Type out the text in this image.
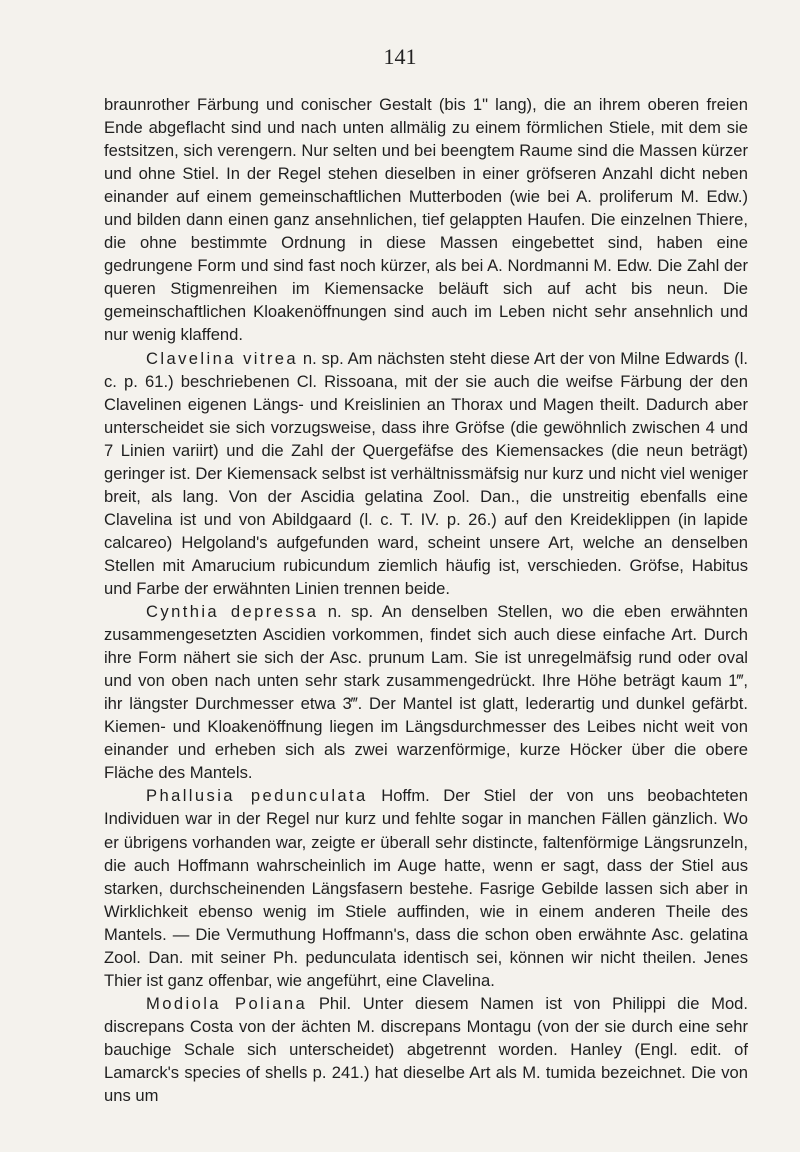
141

braunrother Färbung und conischer Gestalt (bis 1" lang), die an ihrem oberen freien Ende abgeflacht sind und nach unten allmälig zu einem förmlichen Stiele, mit dem sie festsitzen, sich verengern. Nur selten und bei beengtem Raume sind die Massen kürzer und ohne Stiel. In der Regel stehen dieselben in einer gröfseren Anzahl dicht neben einander auf einem gemeinschaftlichen Mutterboden (wie bei A. proliferum M. Edw.) und bilden dann einen ganz ansehnlichen, tief gelappten Haufen. Die einzelnen Thiere, die ohne bestimmte Ordnung in diese Massen eingebettet sind, haben eine gedrungene Form und sind fast noch kürzer, als bei A. Nordmanni M. Edw. Die Zahl der queren Stigmenreihen im Kiemensacke beläuft sich auf acht bis neun. Die gemeinschaftlichen Kloakenöffnungen sind auch im Leben nicht sehr ansehnlich und nur wenig klaffend.

Clavelina vitrea n. sp. Am nächsten steht diese Art der von Milne Edwards (l. c. p. 61.) beschriebenen Cl. Rissoana, mit der sie auch die weifse Färbung der den Clavelinen eigenen Längs- und Kreislinien an Thorax und Magen theilt. Dadurch aber unterscheidet sie sich vorzugsweise, dass ihre Gröfse (die gewöhnlich zwischen 4 und 7 Linien variirt) und die Zahl der Quergefäfse des Kiemensackes (die neun beträgt) geringer ist. Der Kiemensack selbst ist verhältnissmäfsig nur kurz und nicht viel weniger breit, als lang. Von der Ascidia gelatina Zool. Dan., die unstreitig ebenfalls eine Clavelina ist und von Abildgaard (l. c. T. IV. p. 26.) auf den Kreideklippen (in lapide calcareo) Helgoland's aufgefunden ward, scheint unsere Art, welche an denselben Stellen mit Amarucium rubicundum ziemlich häufig ist, verschieden. Gröfse, Habitus und Farbe der erwähnten Linien trennen beide.

Cynthia depressa n. sp. An denselben Stellen, wo die eben erwähnten zusammengesetzten Ascidien vorkommen, findet sich auch diese einfache Art. Durch ihre Form nähert sie sich der Asc. prunum Lam. Sie ist unregelmäfsig rund oder oval und von oben nach unten sehr stark zusammengedrückt. Ihre Höhe beträgt kaum 1‴, ihr längster Durchmesser etwa 3‴. Der Mantel ist glatt, lederartig und dunkel gefärbt. Kiemen- und Kloakenöffnung liegen im Längsdurchmesser des Leibes nicht weit von einander und erheben sich als zwei warzenförmige, kurze Höcker über die obere Fläche des Mantels.

Phallusia pedunculata Hoffm. Der Stiel der von uns beobachteten Individuen war in der Regel nur kurz und fehlte sogar in manchen Fällen gänzlich. Wo er übrigens vorhanden war, zeigte er überall sehr distincte, faltenförmige Längsrunzeln, die auch Hoffmann wahrscheinlich im Auge hatte, wenn er sagt, dass der Stiel aus starken, durchscheinenden Längsfasern bestehe. Fasrige Gebilde lassen sich aber in Wirklichkeit ebenso wenig im Stiele auffinden, wie in einem anderen Theile des Mantels. — Die Vermuthung Hoffmann's, dass die schon oben erwähnte Asc. gelatina Zool. Dan. mit seiner Ph. pedunculata identisch sei, können wir nicht theilen. Jenes Thier ist ganz offenbar, wie angeführt, eine Clavelina.

Modiola Poliana Phil. Unter diesem Namen ist von Philippi die Mod. discrepans Costa von der ächten M. discrepans Montagu (von der sie durch eine sehr bauchige Schale sich unterscheidet) abgetrennt worden. Hanley (Engl. edit. of Lamarck's species of shells p. 241.) hat dieselbe Art als M. tumida bezeichnet. Die von uns um
